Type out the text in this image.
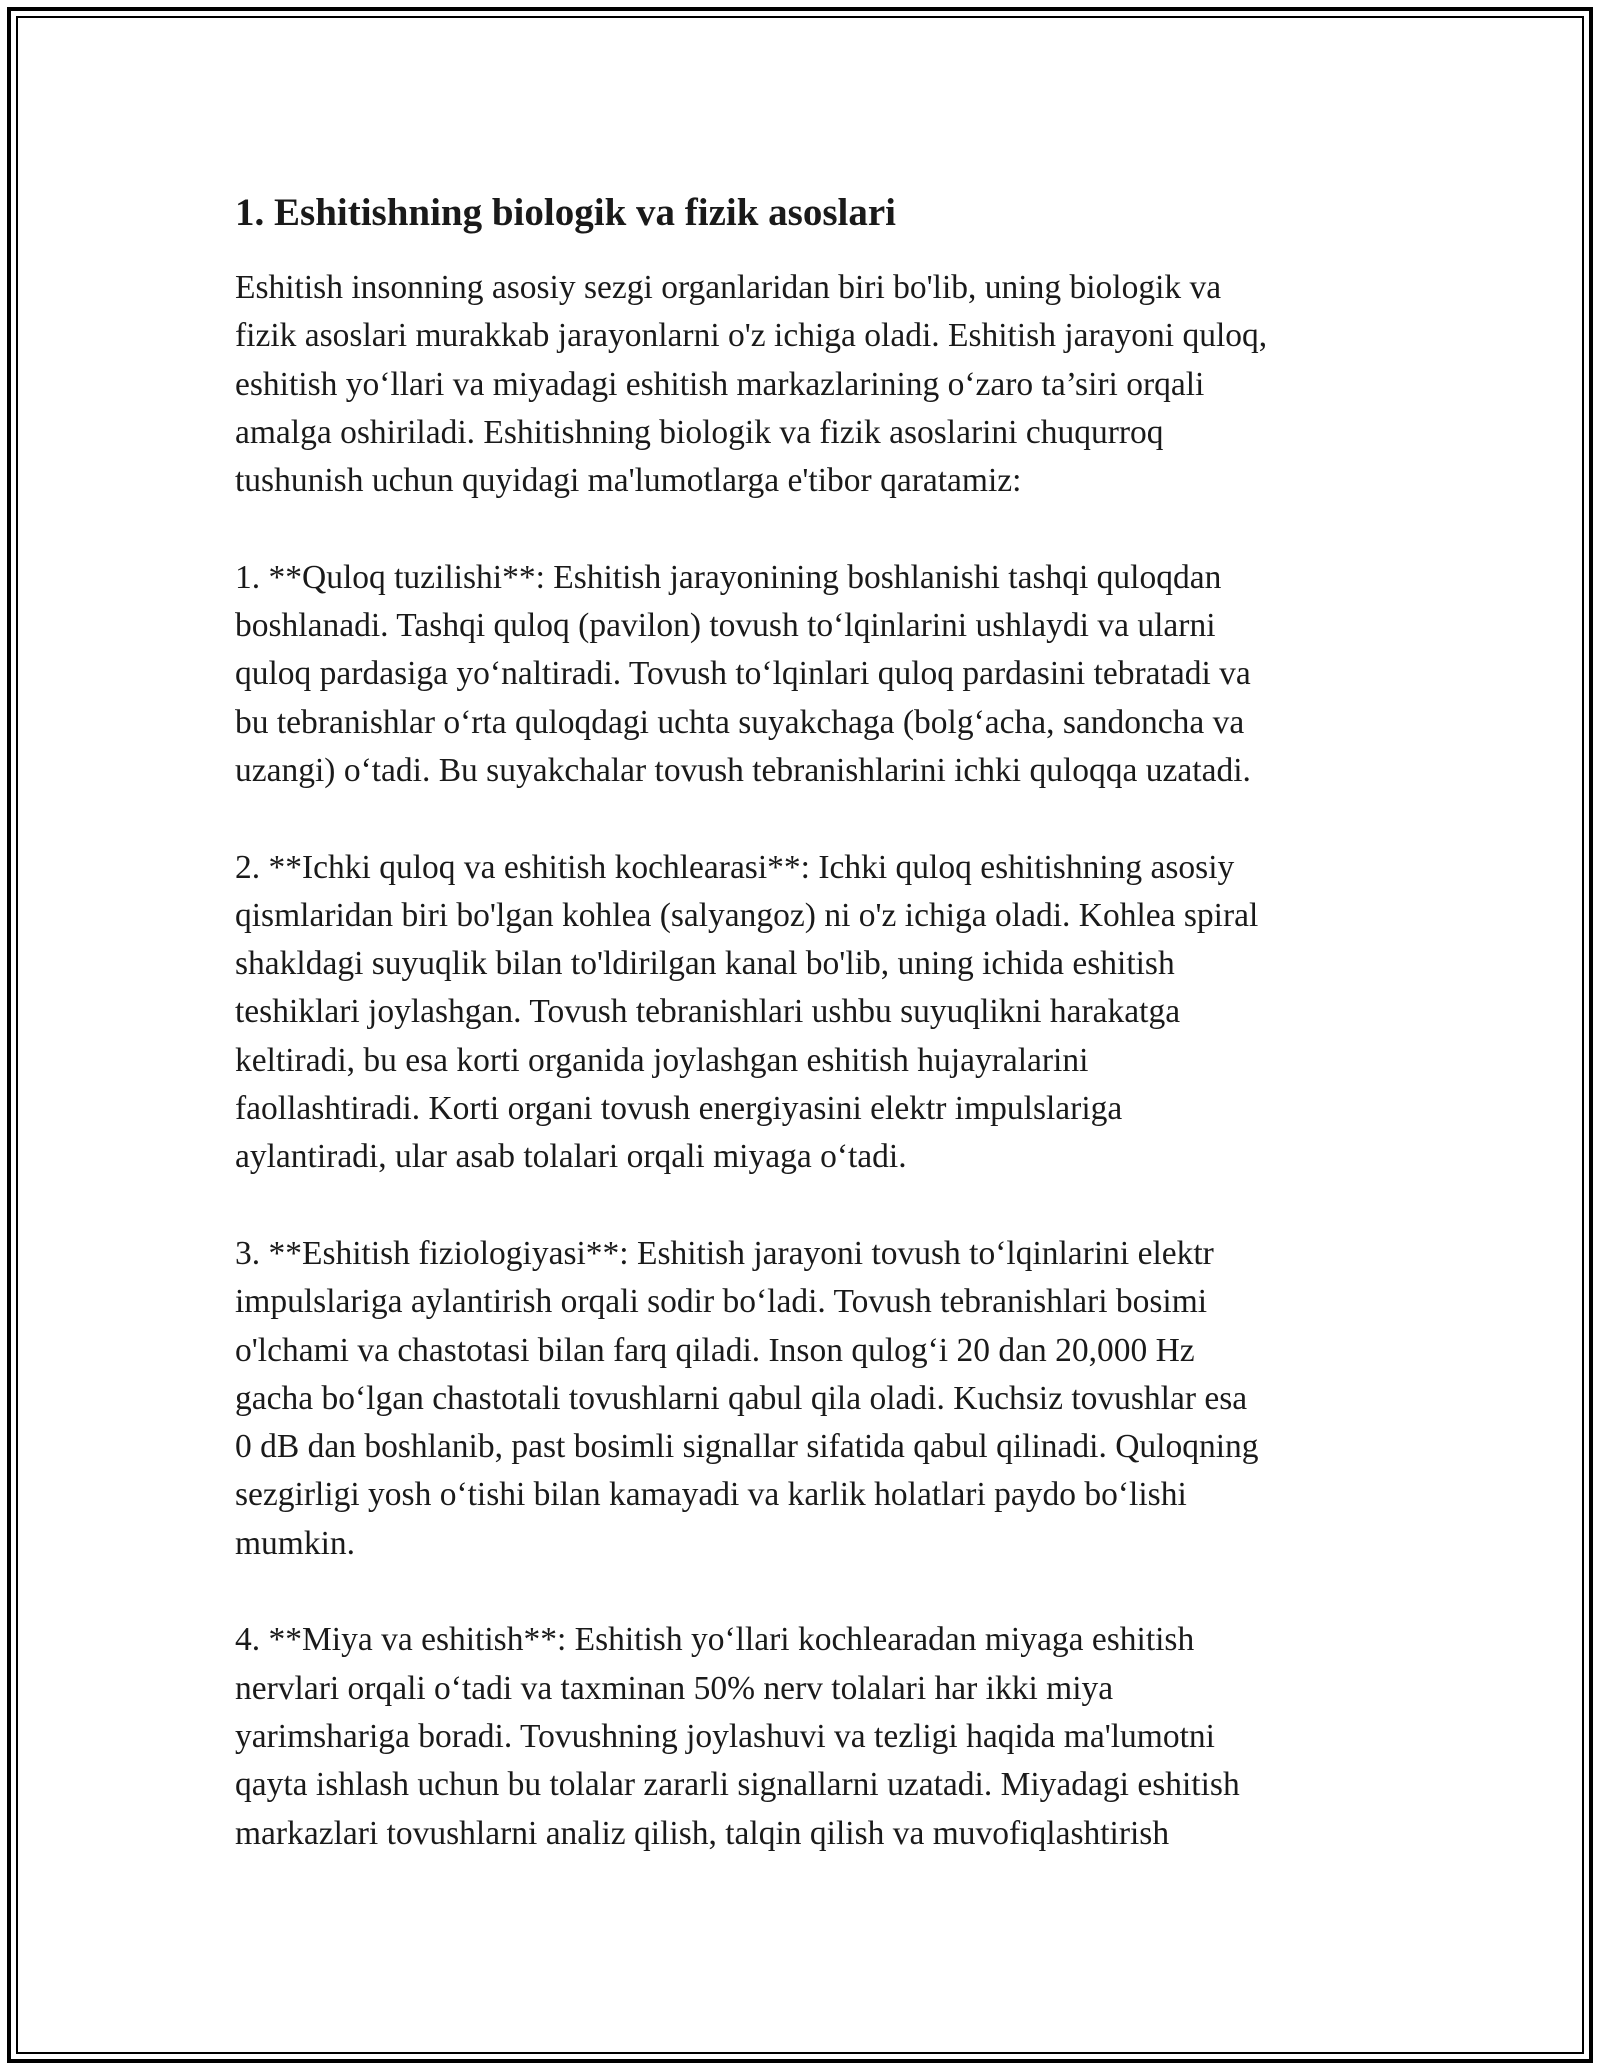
1. Eshitishning biologik va fizik asoslari

Eshitish insonning asosiy sezgi organlaridan biri bo'lib, uning biologik va
fizik asoslari murakkab jarayonlarni o'z ichiga oladi. Eshitish jarayoni quloq,
eshitish yo‘llari va miyadagi eshitish markazlarining o‘zaro ta’siri orqali
amalga oshiriladi. Eshitishning biologik va fizik asoslarini chuqurroq
tushunish uchun quyidagi ma'lumotlarga e'tibor qaratamiz:

1. **Quloq tuzilishi**: Eshitish jarayonining boshlanishi tashqi quloqdan
boshlanadi. Tashqi quloq (pavilon) tovush to‘lqinlarini ushlaydi va ularni
quloq pardasiga yo‘naltiradi. Tovush to‘lqinlari quloq pardasini tebratadi va
bu tebranishlar o‘rta quloqdagi uchta suyakchaga (bolg‘acha, sandoncha va
uzangi) o‘tadi. Bu suyakchalar tovush tebranishlarini ichki quloqqa uzatadi.

2. **Ichki quloq va eshitish kochlearasi**: Ichki quloq eshitishning asosiy
qismlaridan biri bo'lgan kohlea (salyangoz) ni o'z ichiga oladi. Kohlea spiral
shakldagi suyuqlik bilan to'ldirilgan kanal bo'lib, uning ichida eshitish
teshiklari joylashgan. Tovush tebranishlari ushbu suyuqlikni harakatga
keltiradi, bu esa korti organida joylashgan eshitish hujayralarini
faollashtiradi. Korti organi tovush energiyasini elektr impulslariga
aylantiradi, ular asab tolalari orqali miyaga o‘tadi.

3. **Eshitish fiziologiyasi**: Eshitish jarayoni tovush to‘lqinlarini elektr
impulslariga aylantirish orqali sodir bo‘ladi. Tovush tebranishlari bosimi
o'lchami va chastotasi bilan farq qiladi. Inson qulog‘i 20 dan 20,000 Hz
gacha bo‘lgan chastotali tovushlarni qabul qila oladi. Kuchsiz tovushlar esa
0 dB dan boshlanib, past bosimli signallar sifatida qabul qilinadi. Quloqning
sezgirligi yosh o‘tishi bilan kamayadi va karlik holatlari paydo bo‘lishi
mumkin.

4. **Miya va eshitish**: Eshitish yo‘llari kochlearadan miyaga eshitish
nervlari orqali o‘tadi va taxminan 50% nerv tolalari har ikki miya
yarimshariga boradi. Tovushning joylashuvi va tezligi haqida ma'lumotni
qayta ishlash uchun bu tolalar zararli signallarni uzatadi. Miyadagi eshitish
markazlari tovushlarni analiz qilish, talqin qilish va muvofiqlashtirish
